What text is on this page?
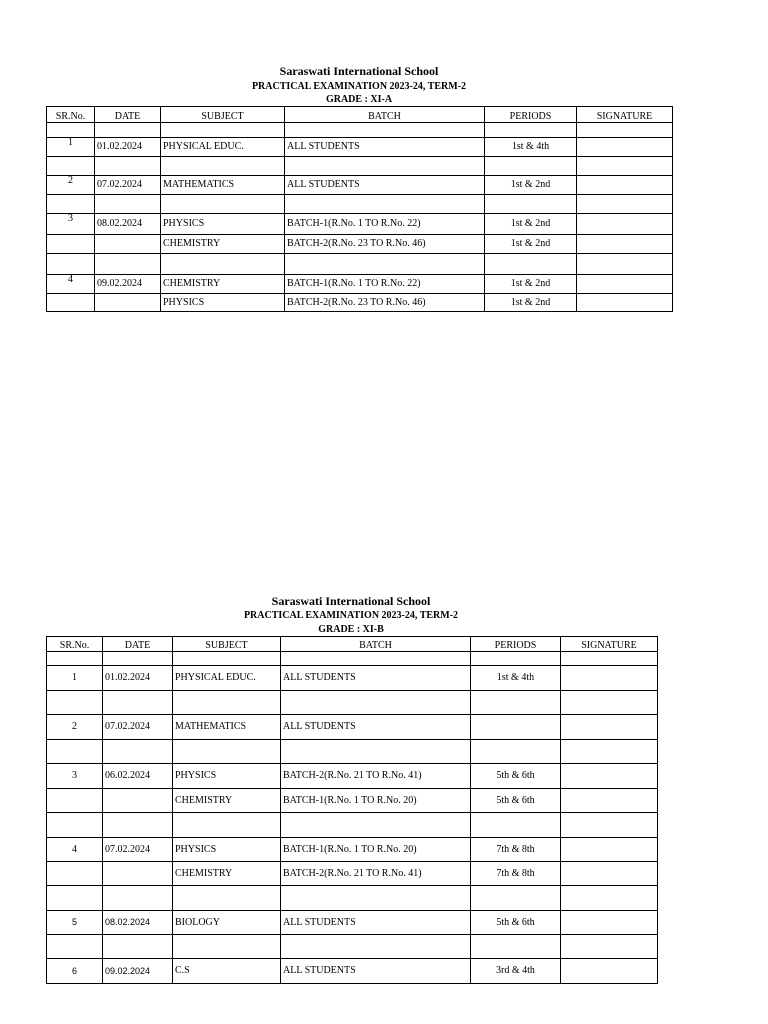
Saraswati International School
PRACTICAL EXAMINATION 2023-24, TERM-2
GRADE : XI-A
SR.No.	DATE	SUBJECT	BATCH	PERIODS	SIGNATURE

1	01.02.2024	PHYSICAL EDUC.	ALL STUDENTS	1st & 4th	

2	07.02.2024	MATHEMATICS	ALL STUDENTS	1st & 2nd	

3	08.02.2024	PHYSICS	BATCH-1(R.No. 1 TO R.No. 22)	1st & 2nd	
		CHEMISTRY	BATCH-2(R.No. 23 TO R.No. 46)	1st & 2nd	

4	09.02.2024	CHEMISTRY	BATCH-1(R.No. 1 TO R.No. 22)	1st & 2nd	
		PHYSICS	BATCH-2(R.No. 23 TO R.No. 46)	1st & 2nd	
Saraswati International School
PRACTICAL EXAMINATION 2023-24, TERM-2
GRADE : XI-B
SR.No.	DATE	SUBJECT	BATCH	PERIODS	SIGNATURE

1	01.02.2024	PHYSICAL EDUC.	ALL STUDENTS	1st & 4th	

2	07.02.2024	MATHEMATICS	ALL STUDENTS		

3	06.02.2024	PHYSICS	BATCH-2(R.No. 21 TO R.No. 41)	5th & 6th	
		CHEMISTRY	BATCH-1(R.No. 1 TO R.No. 20)	5th & 6th	

4	07.02.2024	PHYSICS	BATCH-1(R.No. 1 TO R.No. 20)	7th & 8th	
		CHEMISTRY	BATCH-2(R.No. 21 TO R.No. 41)	7th & 8th	

5	08.02.2024	BIOLOGY	ALL STUDENTS	5th & 6th	

6	09.02.2024	C.S	ALL STUDENTS	3rd & 4th	
